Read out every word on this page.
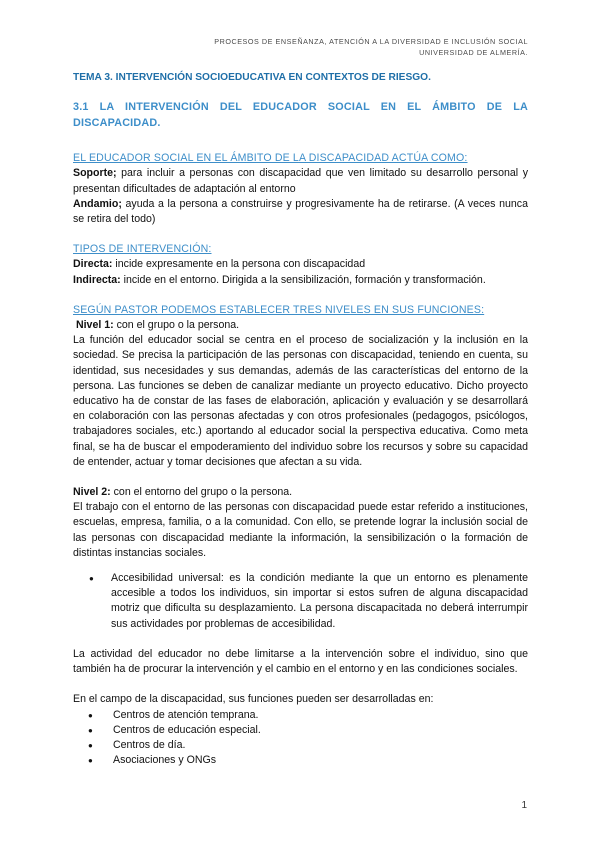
PROCESOS DE ENSEÑANZA, ATENCIÓN A LA DIVERSIDAD E INCLUSIÓN SOCIAL
UNIVERSIDAD DE ALMERÍA.

TEMA 3. INTERVENCIÓN SOCIOEDUCATIVA EN CONTEXTOS DE RIESGO.

3.1 LA INTERVENCIÓN DEL EDUCADOR SOCIAL EN EL ÁMBITO DE LA DISCAPACIDAD.

EL EDUCADOR SOCIAL EN EL ÁMBITO DE LA DISCAPACIDAD ACTÚA COMO:

Soporte; para incluir a personas con discapacidad que ven limitado su desarrollo personal y presentan dificultades de adaptación al entorno

Andamio; ayuda a la persona a construirse y progresivamente ha de retirarse. (A veces nunca se retira del todo)

TIPOS DE INTERVENCIÓN:

Directa: incide expresamente en la persona con discapacidad

Indirecta: incide en el entorno. Dirigida a la sensibilización, formación y transformación.

SEGÚN PASTOR PODEMOS ESTABLECER TRES NIVELES EN SUS FUNCIONES:

Nivel 1: con el grupo o la persona.

La función del educador social se centra en el proceso de socialización y la inclusión en la sociedad. Se precisa la participación de las personas con discapacidad, teniendo en cuenta, su identidad, sus necesidades y sus demandas, además de las características del entorno de la persona. Las funciones se deben de canalizar mediante un proyecto educativo. Dicho proyecto educativo ha de constar de las fases de elaboración, aplicación y evaluación y se desarrollará en colaboración con las personas afectadas y con otros profesionales (pedagogos, psicólogos, trabajadores sociales, etc.) aportando al educador social la perspectiva educativa. Como meta final, se ha de buscar el empoderamiento del individuo sobre los recursos y sobre su capacidad de entender, actuar y tomar decisiones que afectan a su vida.

Nivel 2: con el entorno del grupo o la persona.

El trabajo con el entorno de las personas con discapacidad puede estar referido a instituciones, escuelas, empresa, familia, o a la comunidad. Con ello, se pretende lograr la inclusión social de las personas con discapacidad mediante la información, la sensibilización o la formación de distintas instancias sociales.

● Accesibilidad universal: es la condición mediante la que un entorno es plenamente accesible a todos los individuos, sin importar si estos sufren de alguna discapacidad motriz que dificulta su desplazamiento. La persona discapacitada no deberá interrumpir sus actividades por problemas de accesibilidad.

La actividad del educador no debe limitarse a la intervención sobre el individuo, sino que también ha de procurar la intervención y el cambio en el entorno y en las condiciones sociales.

En el campo de la discapacidad, sus funciones pueden ser desarrolladas en:

● Centros de atención temprana.
● Centros de educación especial.
● Centros de día.
● Asociaciones y ONGs
1
